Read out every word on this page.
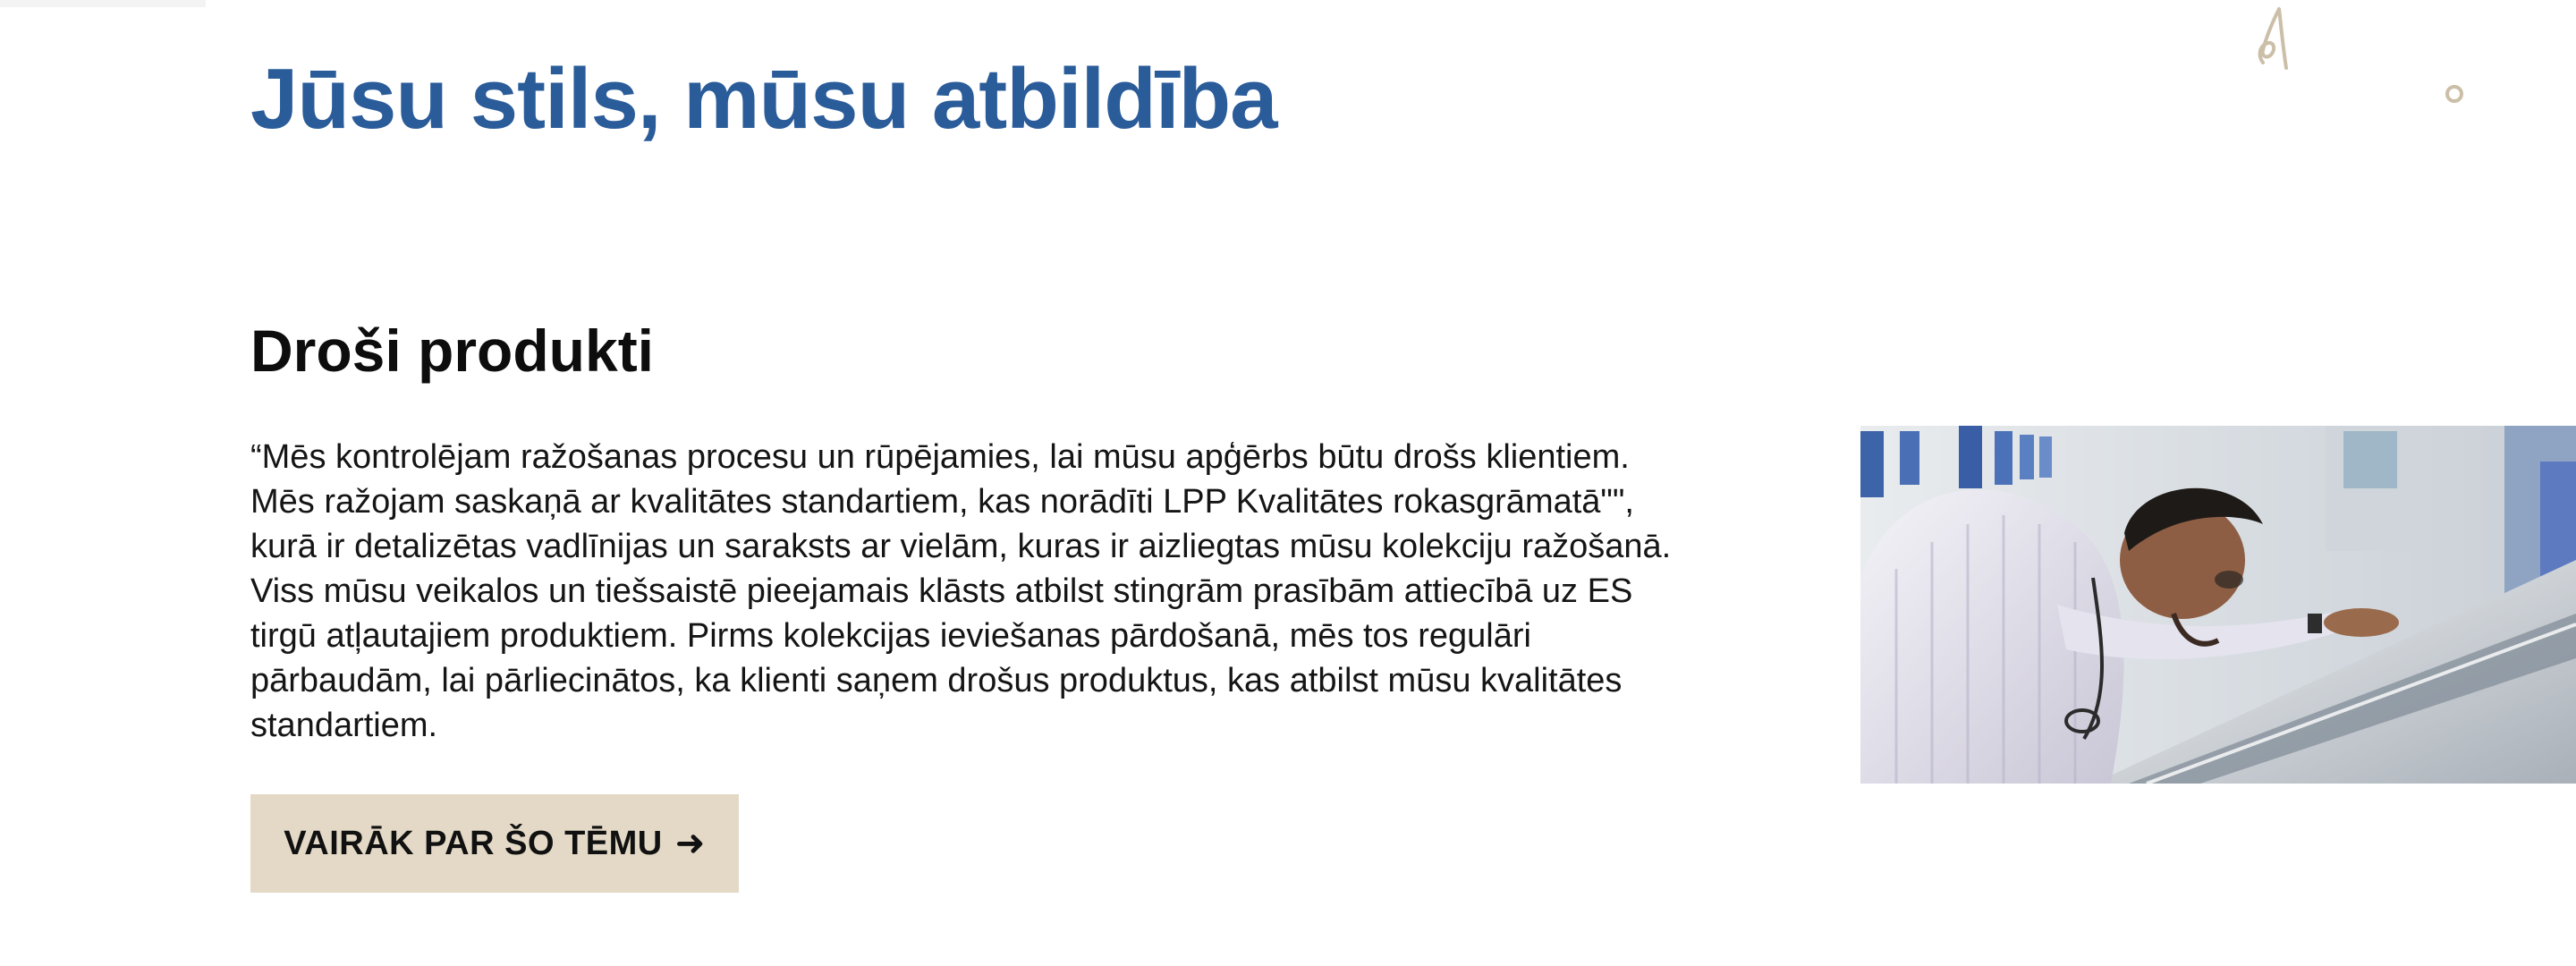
Jūsu stils, mūsu atbildība
Droši produkti

“Mēs kontrolējam ražošanas procesu un rūpējamies, lai mūsu apģērbs būtu drošs klientiem. Mēs ražojam saskaņā ar kvalitātes standartiem, kas norādīti LPP Kvalitātes rokasgrāmatā"", kurā ir detalizētas vadlīnijas un saraksts ar vielām, kuras ir aizliegtas mūsu kolekciju ražošanā. Viss mūsu veikalos un tiešsaistē pieejamais klāsts atbilst stingrām prasībām attiecībā uz ES tirgū atļautajiem produktiem. Pirms kolekcijas ieviešanas pārdošanā, mēs tos regulāri pārbaudām, lai pārliecinātos, ka klienti saņem drošus produktus, kas atbilst mūsu kvalitātes standartiem.

VAIRĀK PAR ŠO TĒMU ➜
